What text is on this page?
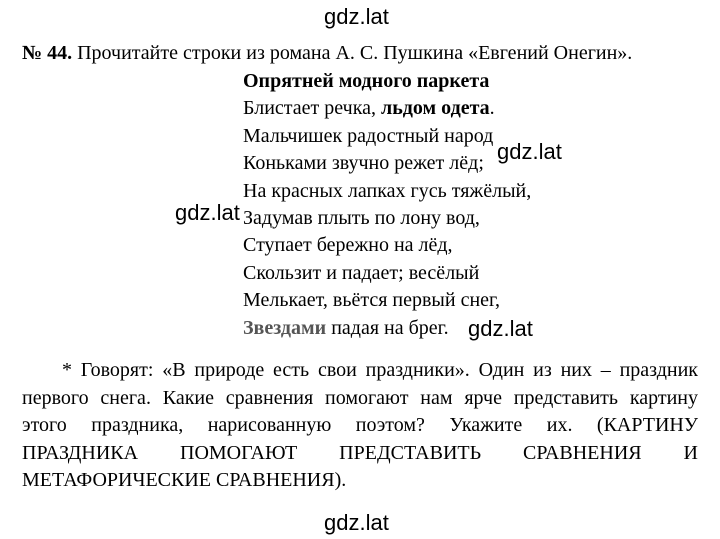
gdz.lat
gdz.lat
gdz.lat
gdz.lat
gdz.lat
№ 44. Прочитайте строки из романа А. С. Пушкина «Евгений Онегин».
Опрятней модного паркета
Блистает речка, льдом одета.
Мальчишек радостный народ
Коньками звучно режет лёд;
На красных лапках гусь тяжёлый,
Задумав плыть по лону вод,
Ступает бережно на лёд,
Скользит и падает; весёлый
Мелькает, вьётся первый снег,
Звездами падая на брег.
* Говорят: «В природе есть свои праздники». Один из них – праздник
первого снега. Какие сравнения помогают нам ярче представить картину
этого праздника, нарисованную поэтом? Укажите их. (КАРТИНУ
ПРАЗДНИКА ПОМОГАЮТ ПРЕДСТАВИТЬ СРАВНЕНИЯ И
МЕТАФОРИЧЕСКИЕ СРАВНЕНИЯ).
